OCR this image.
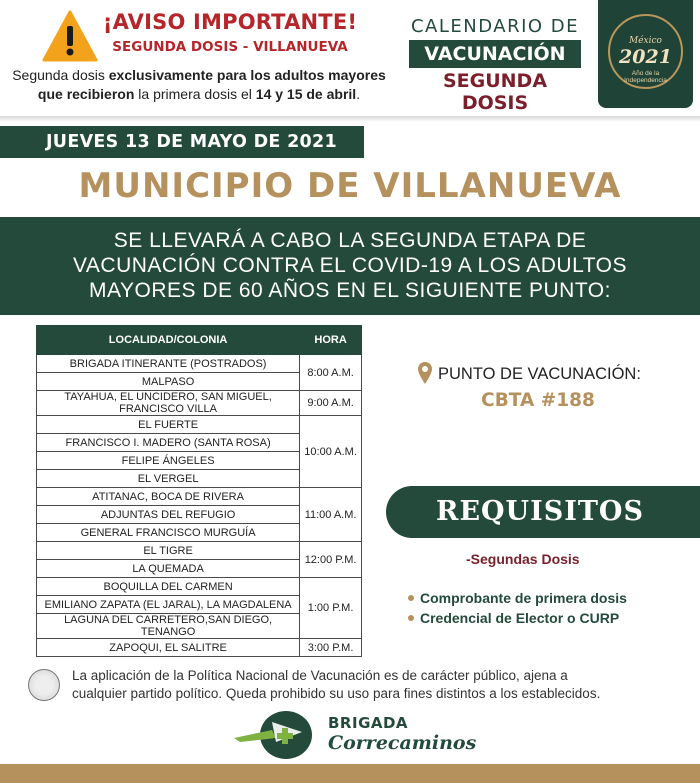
¡AVISO IMPORTANTE!
SEGUNDA DOSIS - VILLANUEVA
Segunda dosis exclusivamente para los adultos mayores
que recibieron la primera dosis el 14 y 15 de abril.
CALENDARIO DE
VACUNACIÓN
SEGUNDA DOSIS
México
2021
Año de la Independencia
JUEVES 13 DE MAYO DE 2021
MUNICIPIO DE VILLANUEVA
SE LLEVARÁ A CABO LA SEGUNDA ETAPA DE
VACUNACIÓN CONTRA EL COVID-19 A LOS ADULTOS
MAYORES DE 60 AÑOS EN EL SIGUIENTE PUNTO:
LOCALIDAD/COLONIA	HORA
BRIGADA ITINERANTE (POSTRADOS)	8:00 A.M.
MALPASO	
TAYAHUA, EL UNCIDERO, SAN MIGUEL, FRANCISCO VILLA	9:00 A.M.
EL FUERTE	10:00 A.M.
FRANCISCO I. MADERO (SANTA ROSA)	
FELIPE ÁNGELES	
EL VERGEL	
ATITANAC, BOCA DE RIVERA	11:00 A.M.
ADJUNTAS DEL REFUGIO	
GENERAL FRANCISCO MURGUÍA	
EL TIGRE	12:00 P.M.
LA QUEMADA	
BOQUILLA DEL CARMEN	1:00 P.M.
EMILIANO ZAPATA (EL JARAL), LA MAGDALENA	
LAGUNA DEL CARRETERO,SAN DIEGO, TENANGO	
ZAPOQUI, EL SALITRE	3:00 P.M.
PUNTO DE VACUNACIÓN:
CBTA #188
REQUISITOS
-Segundas Dosis
Comprobante de primera dosis
Credencial de Elector o CURP
La aplicación de la Política Nacional de Vacunación es de carácter público, ajena a
cualquier partido político. Queda prohibido su uso para fines distintos a los establecidos.
BRIGADA
Correcaminos
